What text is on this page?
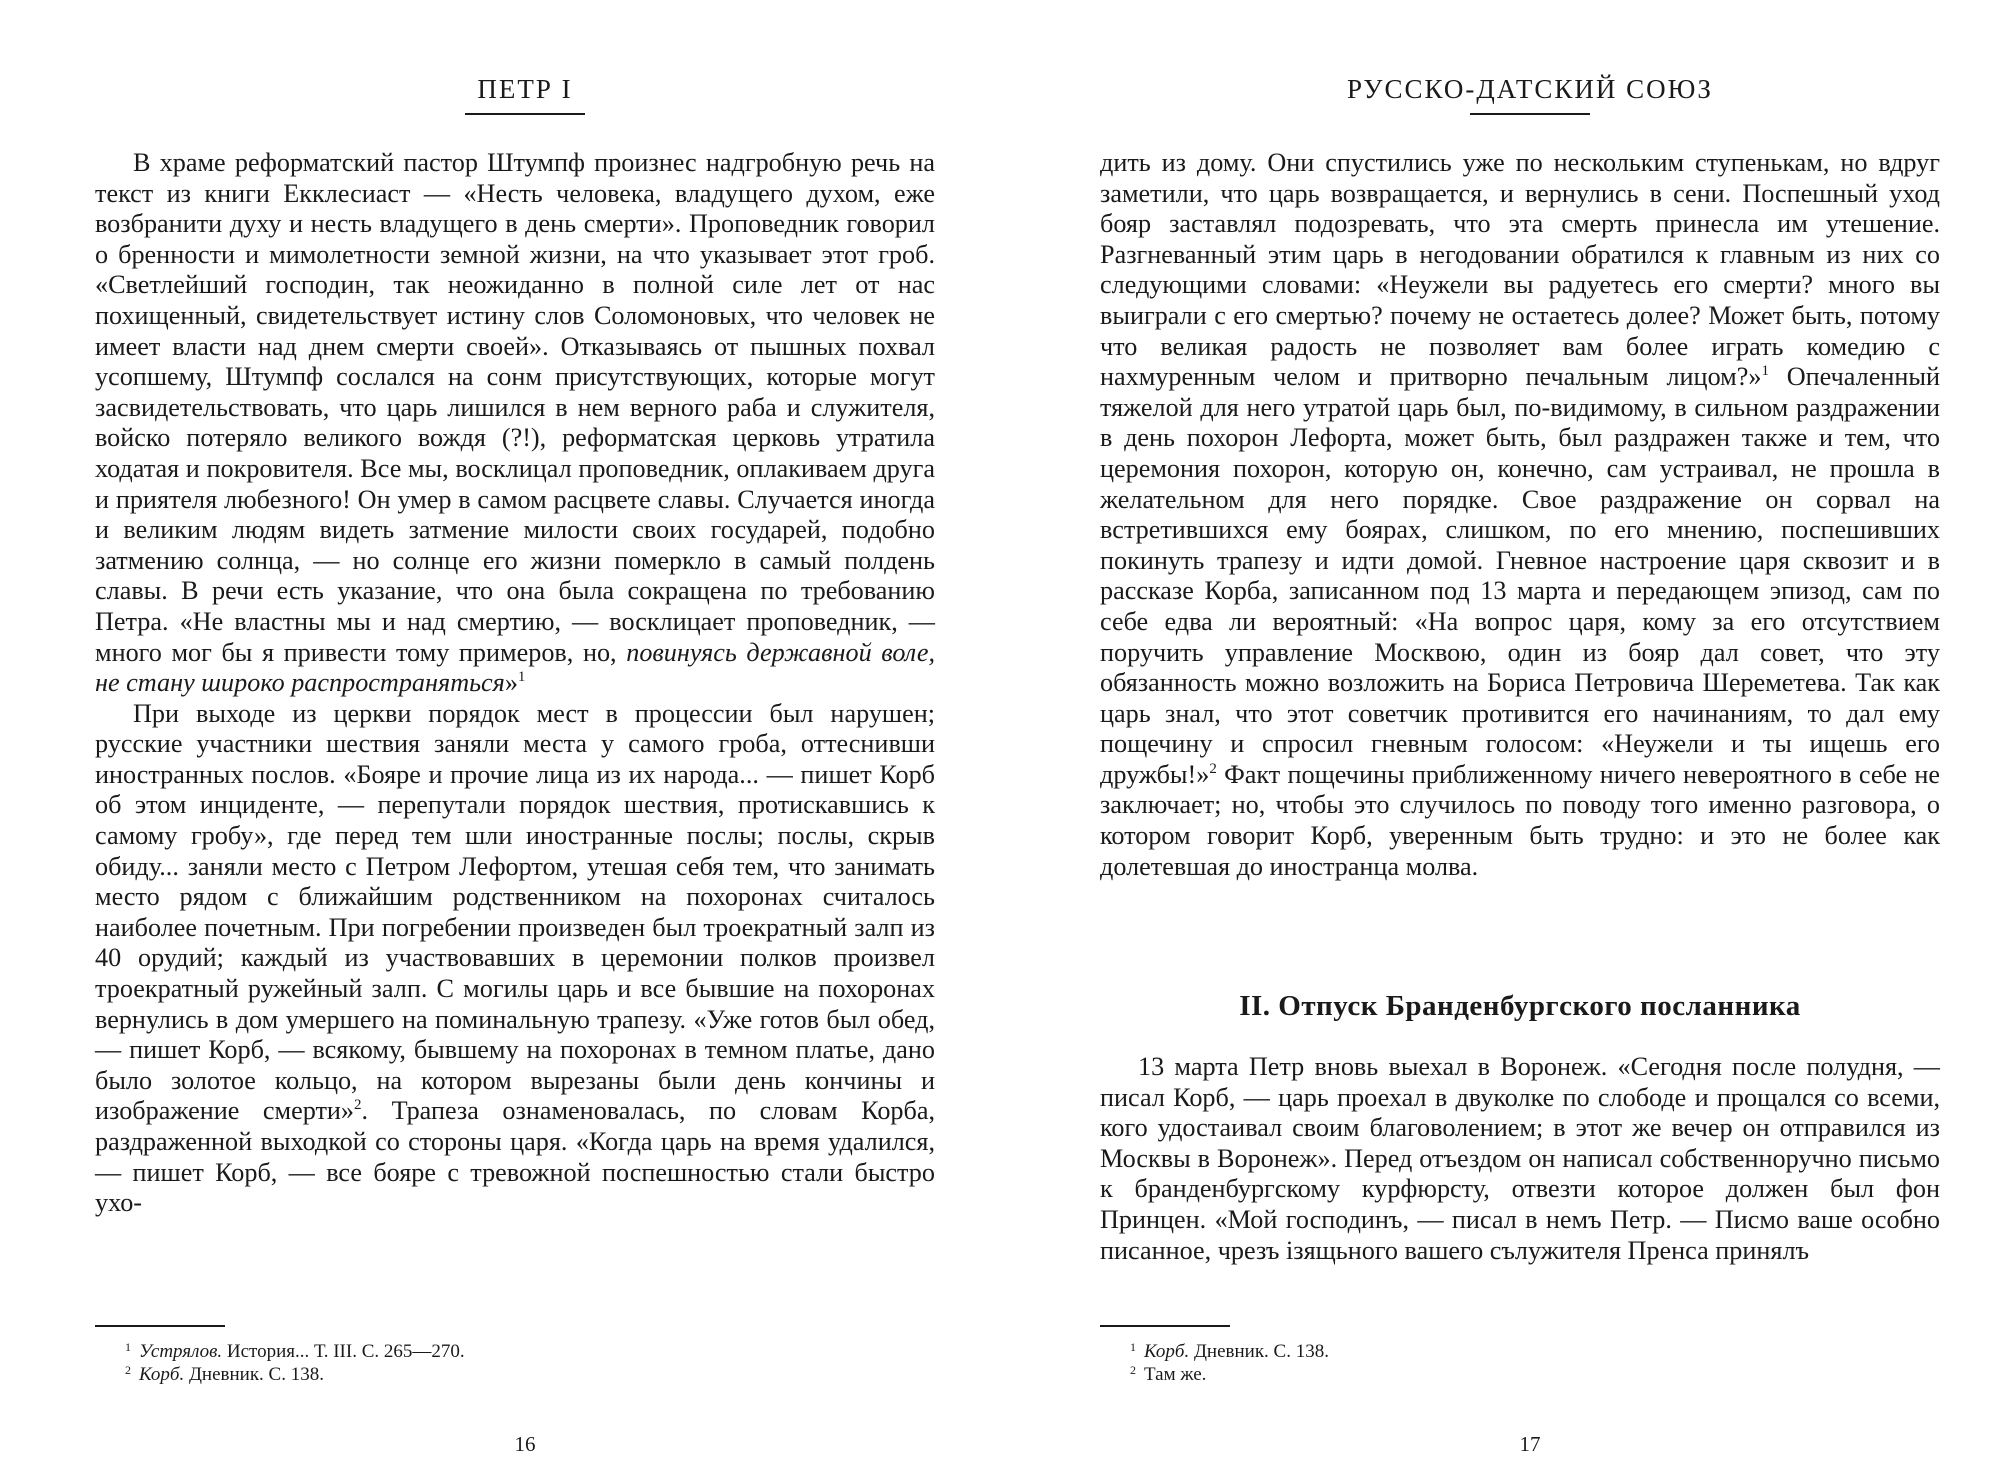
ПЕТР I

В храме реформатский пастор Штумпф произнес надгробную речь на текст из книги Екклесиаст — «Несть человека, владущего духом, еже возбранити духу и несть владущего в день смерти». Проповедник говорил о бренности и мимолетности земной жизни, на что указывает этот гроб. «Светлейший господин, так неожиданно в полной силе лет от нас похищенный, свидетельствует истину слов Соломоновых, что человек не имеет власти над днем смерти своей». Отказываясь от пышных похвал усопшему, Штумпф сослался на сонм присутствующих, которые могут засвидетельствовать, что царь лишился в нем верного раба и служителя, войско потеряло великого вождя (?!), реформатская церковь утратила ходатая и покровителя. Все мы, восклицал проповедник, оплакиваем друга и приятеля любезного! Он умер в самом расцвете славы. Случается иногда и великим людям видеть затмение милости своих государей, подобно затмению солнца, — но солнце его жизни померкло в самый полдень славы. В речи есть указание, что она была сокращена по требованию Петра. «Не властны мы и над смертию, — восклицает проповедник, — много мог бы я привести тому примеров, но, повинуясь державной воле, не стану широко распространяться»$^1$

При выходе из церкви порядок мест в процессии был нарушен; русские участники шествия заняли места у самого гроба, оттеснивши иностранных послов. «Бояре и прочие лица из их народа... — пишет Корб об этом инциденте, — перепутали порядок шествия, протискавшись к самому гробу», где перед тем шли иностранные послы; послы, скрыв обиду... заняли место с Петром Лефортом, утешая себя тем, что занимать место рядом с ближайшим родственником на похоронах считалось наиболее почетным. При погребении произведен был троекратный залп из 40 орудий; каждый из участвовавших в церемонии полков произвел троекратный ружейный залп. С могилы царь и все бывшие на похоронах вернулись в дом умершего на поминальную трапезу. «Уже готов был обед, — пишет Корб, — всякому, бывшему на похоронах в темном платье, дано было золотое кольцо, на котором вырезаны были день кончины и изображение смерти»$^2$. Трапеза ознаменовалась, по словам Корба, раздраженной выходкой со стороны царя. «Когда царь на время удалился, — пишет Корб, — все бояре с тревожной поспешностью стали быстро ухо-

$^1$ Устрялов. История... Т. III. С. 265—270.
$^2$ Корб. Дневник. С. 138.
16
РУССКО-ДАТСКИЙ СОЮЗ

дить из дому. Они спустились уже по нескольким ступенькам, но вдруг заметили, что царь возвращается, и вернулись в сени. Поспешный уход бояр заставлял подозревать, что эта смерть принесла им утешение. Разгневанный этим царь в негодовании обратился к главным из них со следующими словами: «Неужели вы радуетесь его смерти? много вы выиграли с его смертью? почему не остаетесь долее? Может быть, потому что великая радость не позволяет вам более играть комедию с нахмуренным челом и притворно печальным лицом?»$^1$ Опечаленный тяжелой для него утратой царь был, по-видимому, в сильном раздражении в день похорон Лефорта, может быть, был раздражен также и тем, что церемония похорон, которую он, конечно, сам устраивал, не прошла в желательном для него порядке. Свое раздражение он сорвал на встретившихся ему боярах, слишком, по его мнению, поспешивших покинуть трапезу и идти домой. Гневное настроение царя сквозит и в рассказе Корба, записанном под 13 марта и передающем эпизод, сам по себе едва ли вероятный: «На вопрос царя, кому за его отсутствием поручить управление Москвою, один из бояр дал совет, что эту обязанность можно возложить на Бориса Петровича Шереметева. Так как царь знал, что этот советчик противится его начинаниям, то дал ему пощечину и спросил гневным голосом: «Неужели и ты ищешь его дружбы!»$^2$ Факт пощечины приближенному ничего невероятного в себе не заключает; но, чтобы это случилось по поводу того именно разговора, о котором говорит Корб, уверенным быть трудно: и это не более как долетевшая до иностранца молва.

II. Отпуск Бранденбургского посланника

13 марта Петр вновь выехал в Воронеж. «Сегодня после полудня, — писал Корб, — царь проехал в двуколке по слободе и прощался со всеми, кого удостаивал своим благоволением; в этот же вечер он отправился из Москвы в Воронеж». Перед отъездом он написал собственноручно письмо к бранденбургскому курфюрсту, отвезти которое должен был фон Принцен. «Мой господинъ, — писал в немъ Петр. — Писмо ваше особно писанное, чрезъ ізящьного вашего сълужителя Пренса принялъ

$^1$ Корб. Дневник. С. 138.
$^2$ Там же.
17
